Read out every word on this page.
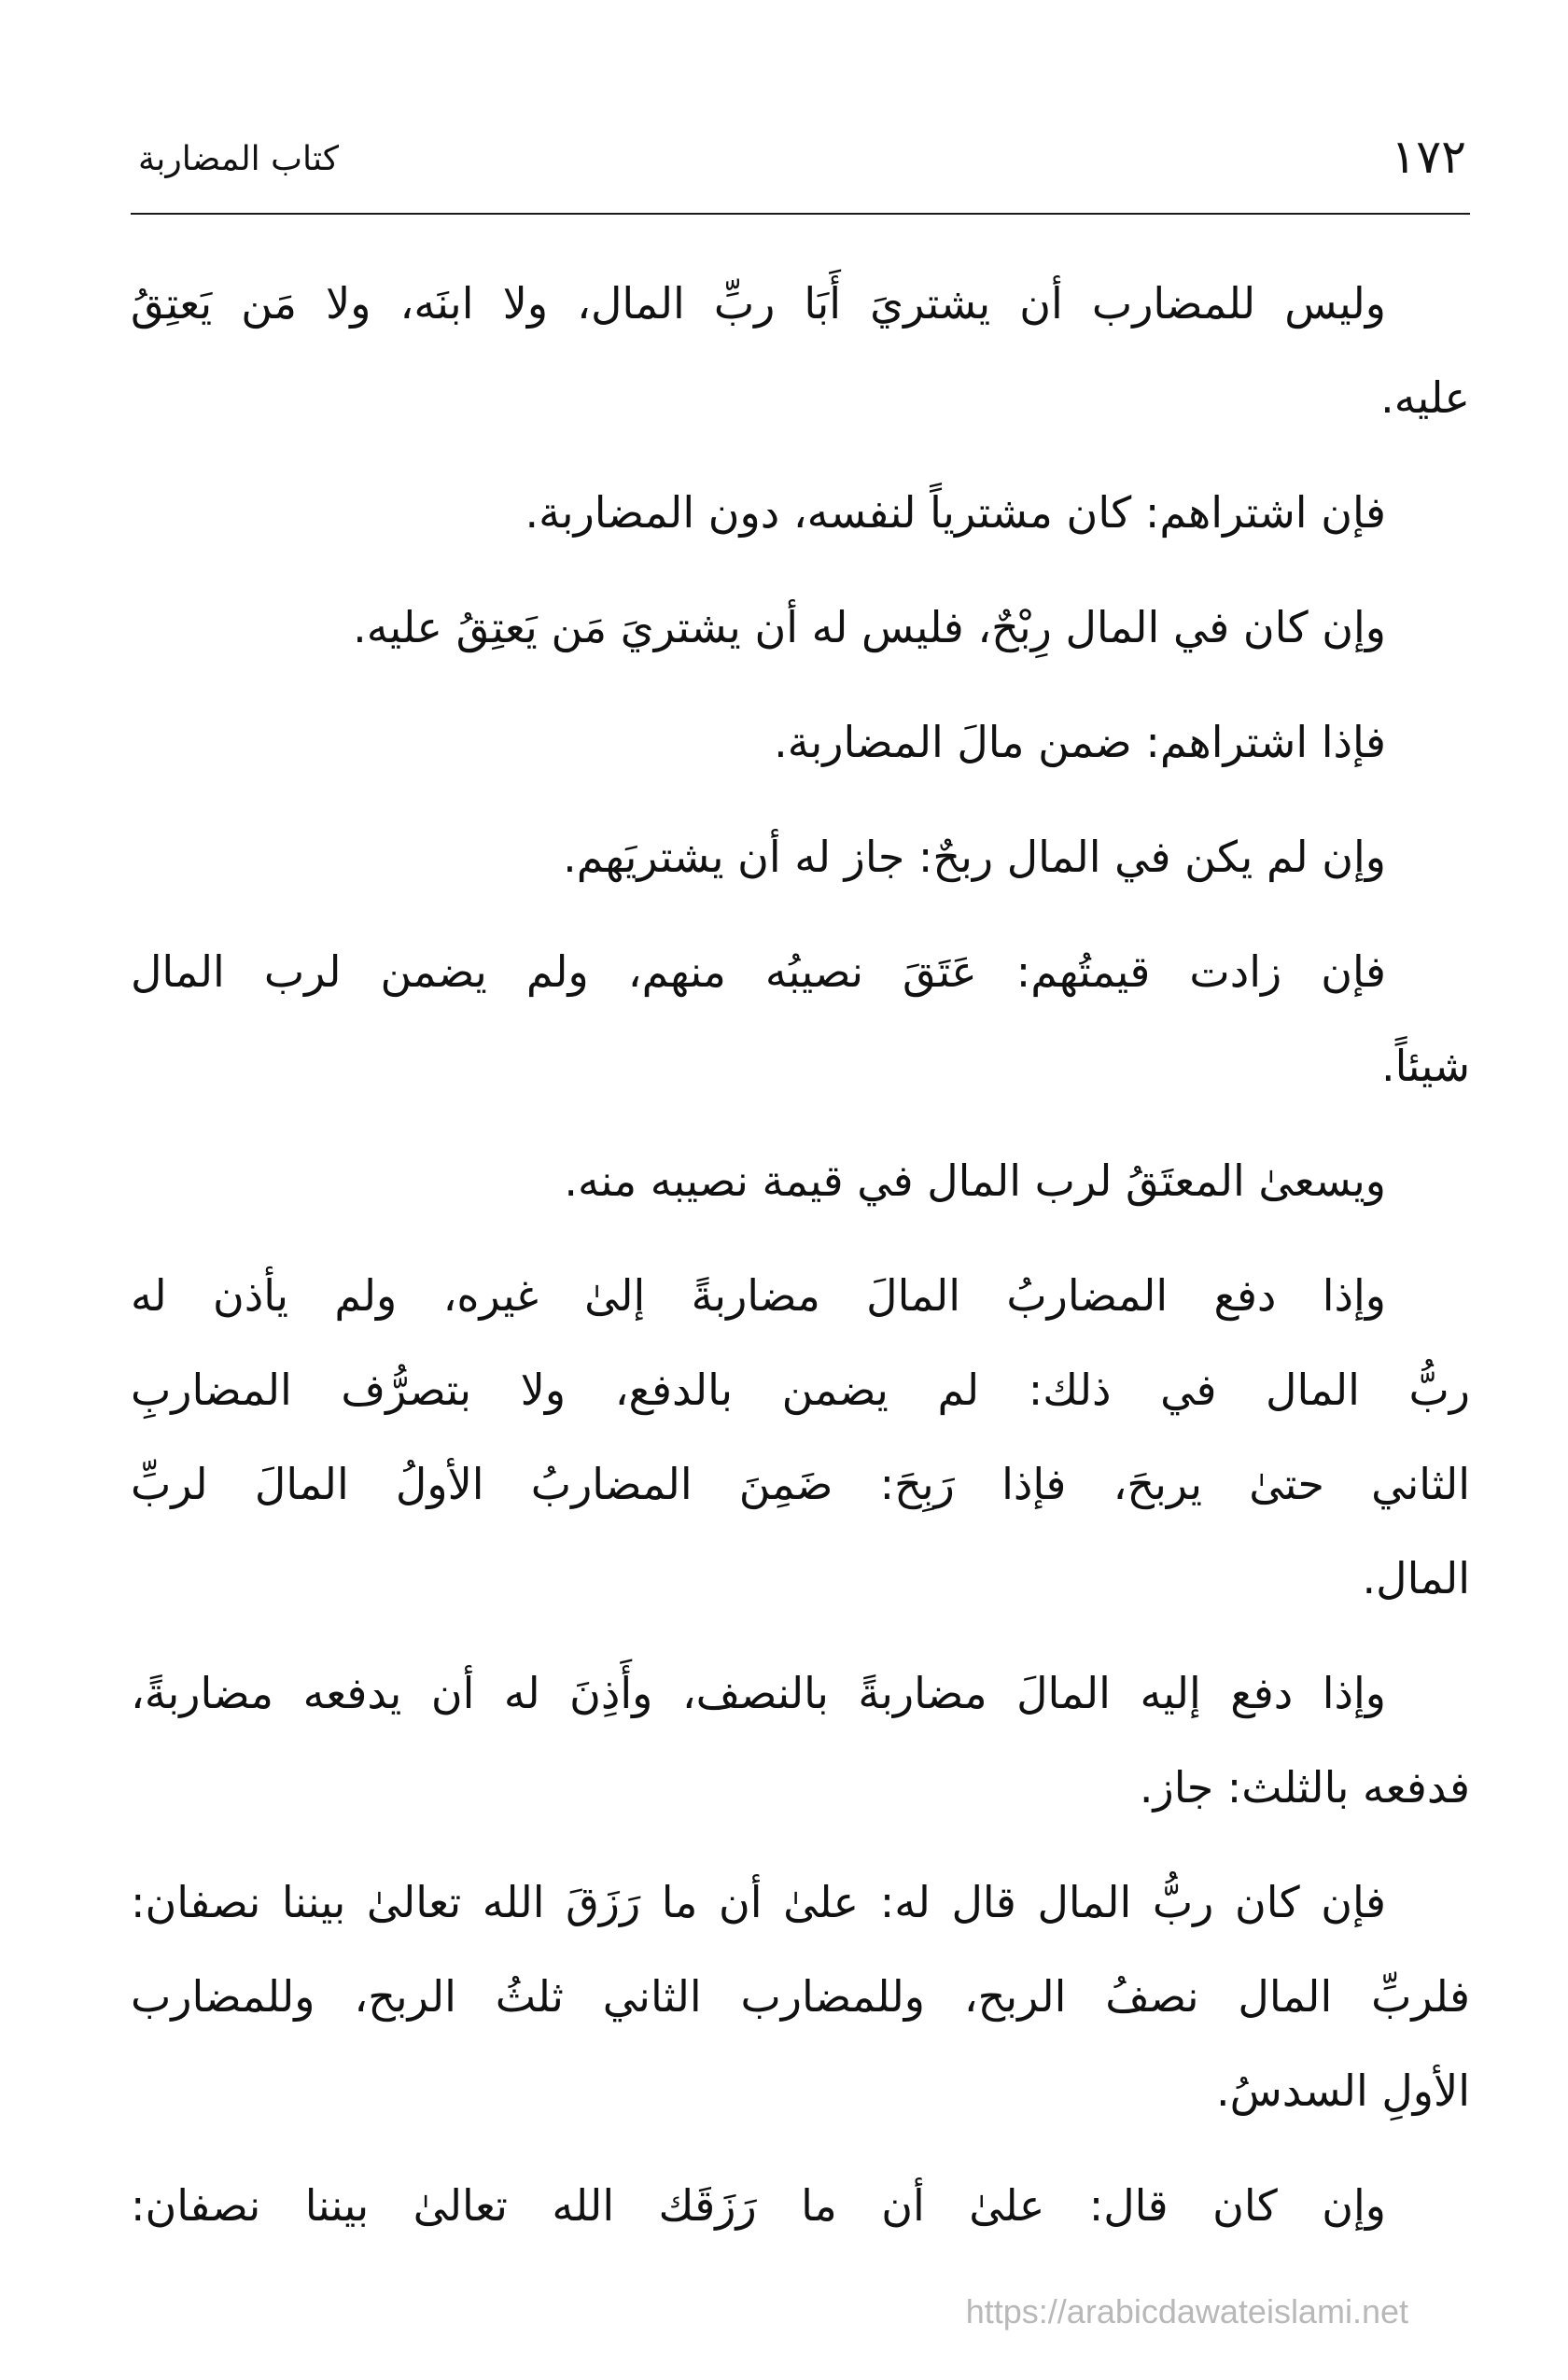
١٧٢
كتاب المضاربة
وليس للمضارب أن يشتريَ أَبَا ربِّ المال، ولا ابنَه، ولا مَن يَعتِقُ
عليه.
فإن اشتراهم: كان مشترياً لنفسه، دون المضاربة.
وإن كان في المال رِبْحٌ، فليس له أن يشتريَ مَن يَعتِقُ عليه.
فإذا اشتراهم: ضمن مالَ المضاربة.
وإن لم يكن في المال ربحٌ: جاز له أن يشتريَهم.
فإن زادت قيمتُهم: عَتَقَ نصيبُه منهم، ولم يضمن لرب المال
شيئاً.
ويسعىٰ المعتَقُ لرب المال في قيمة نصيبه منه.
وإذا دفع المضاربُ المالَ مضاربةً إلىٰ غيره، ولم يأذن له
ربُّ المال في ذلك: لم يضمن بالدفع، ولا بتصرُّف المضاربِ
الثاني حتىٰ يربحَ، فإذا رَبِحَ: ضَمِنَ المضاربُ الأولُ المالَ لربِّ
المال.
وإذا دفع إليه المالَ مضاربةً بالنصف، وأَذِنَ له أن يدفعه مضاربةً،
فدفعه بالثلث: جاز.
فإن كان ربُّ المال قال له: علىٰ أن ما رَزَقَ الله تعالىٰ بيننا نصفان:
فلربِّ المال نصفُ الربح، وللمضارب الثاني ثلثُ الربح، وللمضارب
الأولِ السدسُ.
وإن كان قال: علىٰ أن ما رَزَقَك الله تعالىٰ بيننا نصفان:
https://arabicdawateislami.net
